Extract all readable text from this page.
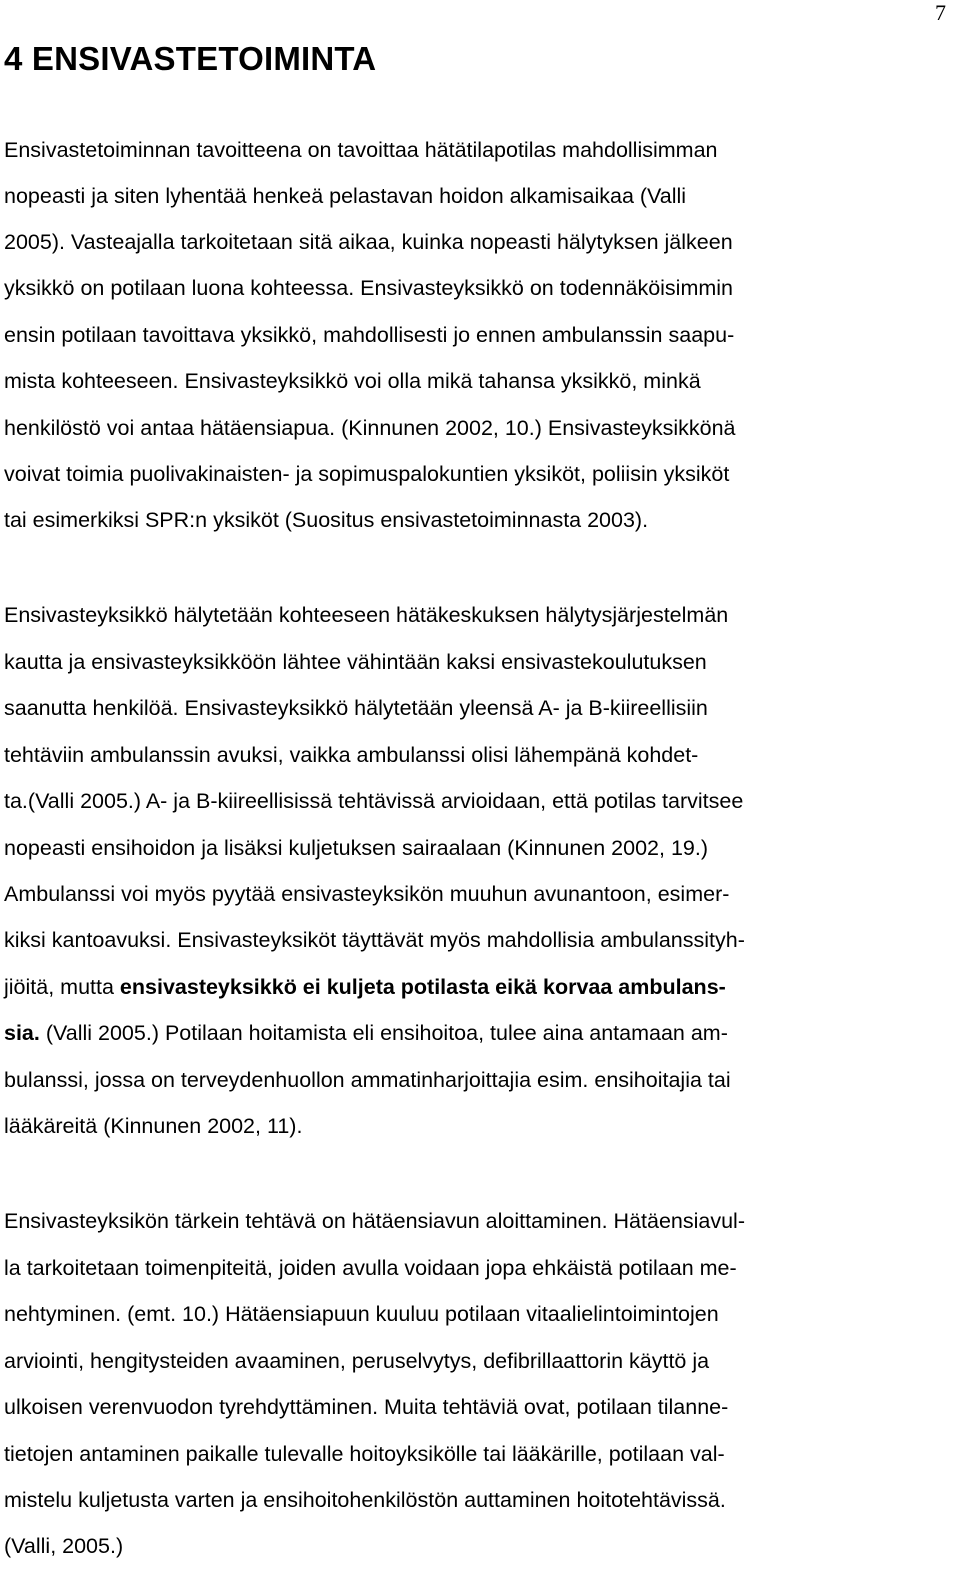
7
4 ENSIVASTETOIMINTA

Ensivastetoiminnan tavoitteena on tavoittaa hätätilapotilas mahdollisimman

nopeasti ja siten lyhentää henkeä pelastavan hoidon alkamisaikaa (Valli

2005). Vasteajalla tarkoitetaan sitä aikaa, kuinka nopeasti hälytyksen jälkeen

yksikkö on potilaan luona kohteessa. Ensivasteyksikkö on todennäköisimmin

ensin potilaan tavoittava yksikkö, mahdollisesti jo ennen ambulanssin saapu-

mista kohteeseen. Ensivasteyksikkö voi olla mikä tahansa yksikkö, minkä

henkilöstö voi antaa hätäensiapua. (Kinnunen 2002, 10.) Ensivasteyksikkönä

voivat toimia puolivakinaisten- ja sopimuspalokuntien yksiköt, poliisin yksiköt

tai esimerkiksi SPR:n yksiköt (Suositus ensivastetoiminnasta 2003).

Ensivasteyksikkö hälytetään kohteeseen hätäkeskuksen hälytysjärjestelmän

kautta ja ensivasteyksikköön lähtee vähintään kaksi ensivastekoulutuksen

saanutta henkilöä. Ensivasteyksikkö hälytetään yleensä A- ja B-kiireellisiin

tehtäviin ambulanssin avuksi, vaikka ambulanssi olisi lähempänä kohdet-

ta.(Valli 2005.) A- ja B-kiireellisissä tehtävissä arvioidaan, että potilas tarvitsee

nopeasti ensihoidon ja lisäksi kuljetuksen sairaalaan (Kinnunen 2002, 19.)

Ambulanssi voi myös pyytää ensivasteyksikön muuhun avunantoon, esimer-

kiksi kantoavuksi. Ensivasteyksiköt täyttävät myös mahdollisia ambulanssityh-

jiöitä, mutta ensivasteyksikkö ei kuljeta potilasta eikä korvaa ambulans-

sia. (Valli 2005.) Potilaan hoitamista eli ensihoitoa, tulee aina antamaan am-

bulanssi, jossa on terveydenhuollon ammatinharjoittajia esim. ensihoitajia tai

lääkäreitä (Kinnunen 2002, 11).

Ensivasteyksikön tärkein tehtävä on hätäensiavun aloittaminen. Hätäensiavul-

la tarkoitetaan toimenpiteitä, joiden avulla voidaan jopa ehkäistä potilaan me-

nehtyminen. (emt. 10.) Hätäensiapuun kuuluu potilaan vitaalielintoimintojen

arviointi, hengitysteiden avaaminen, peruselvytys, defibrillaattorin käyttö ja

ulkoisen verenvuodon tyrehdyttäminen. Muita tehtäviä ovat, potilaan tilanne-

tietojen antaminen paikalle tulevalle hoitoyksikölle tai lääkärille, potilaan val-

mistelu kuljetusta varten ja ensihoitohenkilöstön auttaminen hoitotehtävissä.

(Valli, 2005.)
